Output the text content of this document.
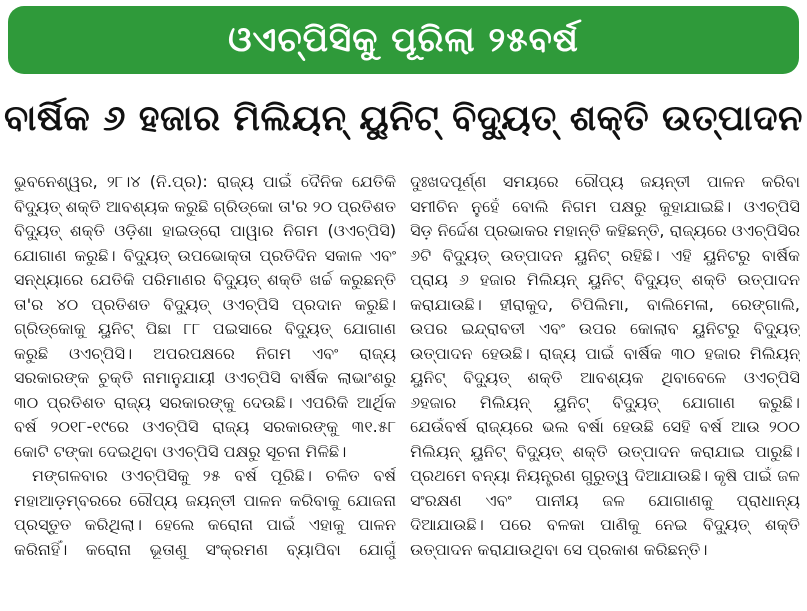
ଓଏଚ୍‌ପିସିକୁ ପୂରିଲା ୨୫ବର୍ଷ
ବାର୍ଷିକ ୬ ହଜାର ମିଲିୟନ୍ ୟୁନିଟ୍ ବିଦ୍ୟୁତ୍ ଶକ୍ତି ଉତ୍ପାଦନ
ଭୁବନେଶ୍ୱର, ୨୮।୪ (ନି.ପ୍ର): ରାଜ୍ୟ ପାଇଁ ଦୈନିକ ଯେତିକି
ବିଦ୍ୟୁତ୍ ଶକ୍ତି ଆବଶ୍ୟକ କରୁଛି ଗ୍ରିଡ୍‌କୋ ତା'ର ୨୦ ପ୍ରତିଶତ
ବିଦ୍ୟୁତ୍ ଶକ୍ତି ଓଡ଼ିଶା ହାଇଡ୍ରୋ ପାୱାର ନିଗମ (ଓଏଚ୍‌ପିସି)
ଯୋଗାଣ କରୁଛି। ବିଦ୍ୟୁତ୍ ଉପଭୋକ୍ତା ପ୍ରତିଦିନ ସକାଳ ଏବଂ
ସନ୍ଧ୍ୟାରେ ଯେତିକି ପରିମାଣର ବିଦ୍ୟୁତ୍ ଶକ୍ତି ଖର୍ଚ୍ଚ କରୁଛନ୍ତି
ତା'ର ୪୦ ପ୍ରତିଶତ ବିଦ୍ୟୁତ୍ ଓଏଚ୍‌ପିସି ପ୍ରଦାନ କରୁଛି।
ଗ୍ରିଡ୍‌କୋକୁ ୟୁନିଟ୍ ପିଛା ୮୮ ପଇସାରେ ବିଦ୍ୟୁତ୍ ଯୋଗାଣ
କରୁଛି ଓଏଚ୍‌ପିସି। ଅପରପକ୍ଷରେ ନିଗମ ଏବଂ ରାଜ୍ୟ
ସରକାରଙ୍କ ଚୁକ୍ତି ନାମାନୁଯାୟୀ ଓଏଚ୍‌ପିସି ବାର୍ଷିକ ଲାଭାଂଶରୁ
୩୦ ପ୍ରତିଶତ ରାଜ୍ୟ ସରକାରଙ୍କୁ ଦେଉଛି। ଏପରିକି ଆର୍ଥିକ
ବର୍ଷ ୨୦୧୮-୧୯ରେ ଓଏଚ୍‌ପିସି ରାଜ୍ୟ ସରକାରଙ୍କୁ ୩୧.୫୮
କୋଟି ଟଙ୍କା ଦେଇଥିବା ଓଏଚ୍‌ପିସି ପକ୍ଷରୁ ସୂଚନା ମିଳିଛି।
ମଙ୍ଗଳବାର ଓଏଚ୍‌ପିସିକୁ ୨୫ ବର୍ଷ ପୂରିଛି। ଚଳିତ ବର୍ଷ
ମହାଆଡ଼ମ୍ବରରେ ରୌପ୍ୟ ଜୟନ୍ତୀ ପାଳନ କରିବାକୁ ଯୋଜନା
ପ୍ରସ୍ତୁତ କରିଥିଲା। ହେଲେ କରୋନା ପାଇଁ ଏହାକୁ ପାଳନ
କରିନାହିଁ। କରୋନା ଭୂତାଣୁ ସଂକ୍ରମଣ ବ୍ୟାପିବା ଯୋଗୁଁ
ଦୁଃଖଦପୂର୍ଣ୍ଣ ସମୟରେ ରୌପ୍ୟ ଜୟନ୍ତୀ ପାଳନ କରିବା
ସମୀଚିନ ନୁହେଁ ବୋଲି ନିଗମ ପକ୍ଷରୁ କୁହାଯାଇଛି। ଓଏଚ୍‌ପିସି
ସିଡ଼ ନିର୍ଦ୍ଦେଶ ପ୍ରଭାକର ମହାନ୍ତି କହିଛନ୍ତି, ରାଜ୍ୟରେ ଓଏଚ୍‌ପିସିର
୬ଟି ବିଦ୍ୟୁତ୍ ଉତ୍ପାଦନ ୟୁନିଟ୍ ରହିଛି। ଏହି ୟୁନିଟରୁ ବାର୍ଷିକ
ପ୍ରାୟ ୬ ହଜାର ମିଲିୟନ୍ ୟୁନିଟ୍ ବିଦ୍ୟୁତ୍ ଶକ୍ତି ଉତ୍ପାଦନ
କରାଯାଉଛି। ହୀରାକୁଦ, ଚିପିଲିମା, ବାଲିମେଳା, ରେଙ୍ଗାଲି,
ଉପର ଇନ୍ଦ୍ରାବତୀ ଏବଂ ଉପର କୋଲାବ ୟୁନିଟରୁ ବିଦ୍ୟୁତ୍
ଉତ୍ପାଦନ ହେଉଛି। ରାଜ୍ୟ ପାଇଁ ବାର୍ଷିକ ୩୦ ହଜାର ମିଲିୟନ୍
ୟୁନିଟ୍ ବିଦ୍ୟୁତ୍ ଶକ୍ତି ଆବଶ୍ୟକ ଥିବାବେଳେ ଓଏଚ୍‌ପିସି
୬ହଜାର ମିଲିୟନ୍ ୟୁନିଟ୍ ବିଦ୍ୟୁତ୍ ଯୋଗାଣ କରୁଛି।
ଯେଉଁବର୍ଷ ରାଜ୍ୟରେ ଭଲ ବର୍ଷା ହେଉଛି ସେହି ବର୍ଷ ଆଉ ୨୦୦
ମିଲିୟନ୍ ୟୁନିଟ୍ ବିଦ୍ୟୁତ୍ ଶକ୍ତି ଉତ୍ପାଦନ କରାଯାଇ ପାରୁଛି।
ପ୍ରଥମେ ବନ୍ୟା ନିୟନ୍ତ୍ରଣ ଗୁରୁତ୍ୱ ଦିଆଯାଉଛି। କୃଷି ପାଇଁ ଜଳ
ସଂରକ୍ଷଣ ଏବଂ ପାନୀୟ ଜଳ ଯୋଗାଣକୁ ପ୍ରାଧାନ୍ୟ
ଦିଆଯାଉଛି। ପରେ ବଳକା ପାଣିକୁ ନେଇ ବିଦ୍ୟୁତ୍ ଶକ୍ତି
ଉତ୍ପାଦନ କରାଯାଉଥିବା ସେ ପ୍ରକାଶ କରିଛନ୍ତି।
